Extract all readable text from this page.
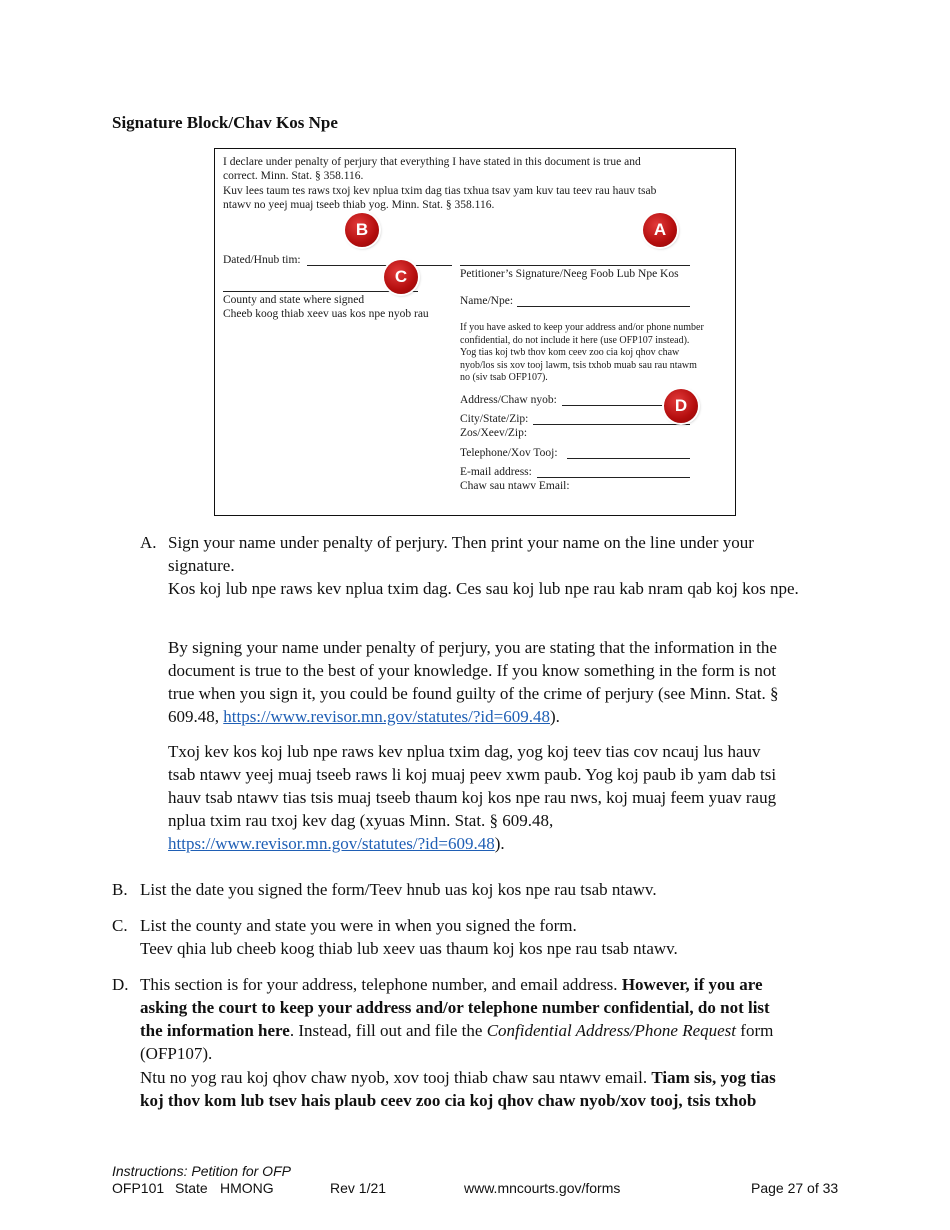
Signature Block/Chav Kos Npe
I declare under penalty of perjury that everything I have stated in this document is true and
correct. Minn. Stat. § 358.116.
Kuv lees taum tes raws txoj kev nplua txim dag tias txhua tsav yam kuv tau teev rau hauv tsab
ntawv no yeej muaj tseeb thiab yog. Minn. Stat. § 358.116.
Dated/Hnub tim:
County and state where signed
Cheeb koog thiab xeev uas kos npe nyob rau
Petitioner’s Signature/Neeg Foob Lub Npe Kos
Name/Npe:
If you have asked to keep your address and/or phone number
confidential, do not include it here (use OFP107 instead).
Yog tias koj twb thov kom ceev zoo cia koj qhov chaw
nyob/los sis xov tooj lawm, tsis txhob muab sau rau ntawm
no (siv tsab OFP107).
Address/Chaw nyob:
City/State/Zip:
Zos/Xeev/Zip:
Telephone/Xov Tooj:
E-mail address:
Chaw sau ntawv Email:
A
B
C
D
A. Sign your name under penalty of perjury. Then print your name on the line under your
signature.
Kos koj lub npe raws kev nplua txim dag. Ces sau koj lub npe rau kab nram qab koj kos npe.
By signing your name under penalty of perjury, you are stating that the information in the
document is true to the best of your knowledge. If you know something in the form is not
true when you sign it, you could be found guilty of the crime of perjury (see Minn. Stat. §
609.48, https://www.revisor.mn.gov/statutes/?id=609.48).
Txoj kev kos koj lub npe raws kev nplua txim dag, yog koj teev tias cov ncauj lus hauv
tsab ntawv yeej muaj tseeb raws li koj muaj peev xwm paub. Yog koj paub ib yam dab tsi
hauv tsab ntawv tias tsis muaj tseeb thaum koj kos npe rau nws, koj muaj feem yuav raug
nplua txim rau txoj kev dag (xyuas Minn. Stat. § 609.48,
https://www.revisor.mn.gov/statutes/?id=609.48).
B. List the date you signed the form/Teev hnub uas koj kos npe rau tsab ntawv.
C. List the county and state you were in when you signed the form.
Teev qhia lub cheeb koog thiab lub xeev uas thaum koj kos npe rau tsab ntawv.
D. This section is for your address, telephone number, and email address. However, if you are
asking the court to keep your address and/or telephone number confidential, do not list
the information here. Instead, fill out and file the Confidential Address/Phone Request form
(OFP107).
Ntu no yog rau koj qhov chaw nyob, xov tooj thiab chaw sau ntawv email. Tiam sis, yog tias
koj thov kom lub tsev hais plaub ceev zoo cia koj qhov chaw nyob/xov tooj, tsis txhob
Instructions: Petition for OFP
OFP101 State HMONG	Rev 1/21	www.mncourts.gov/forms	Page 27 of 33
